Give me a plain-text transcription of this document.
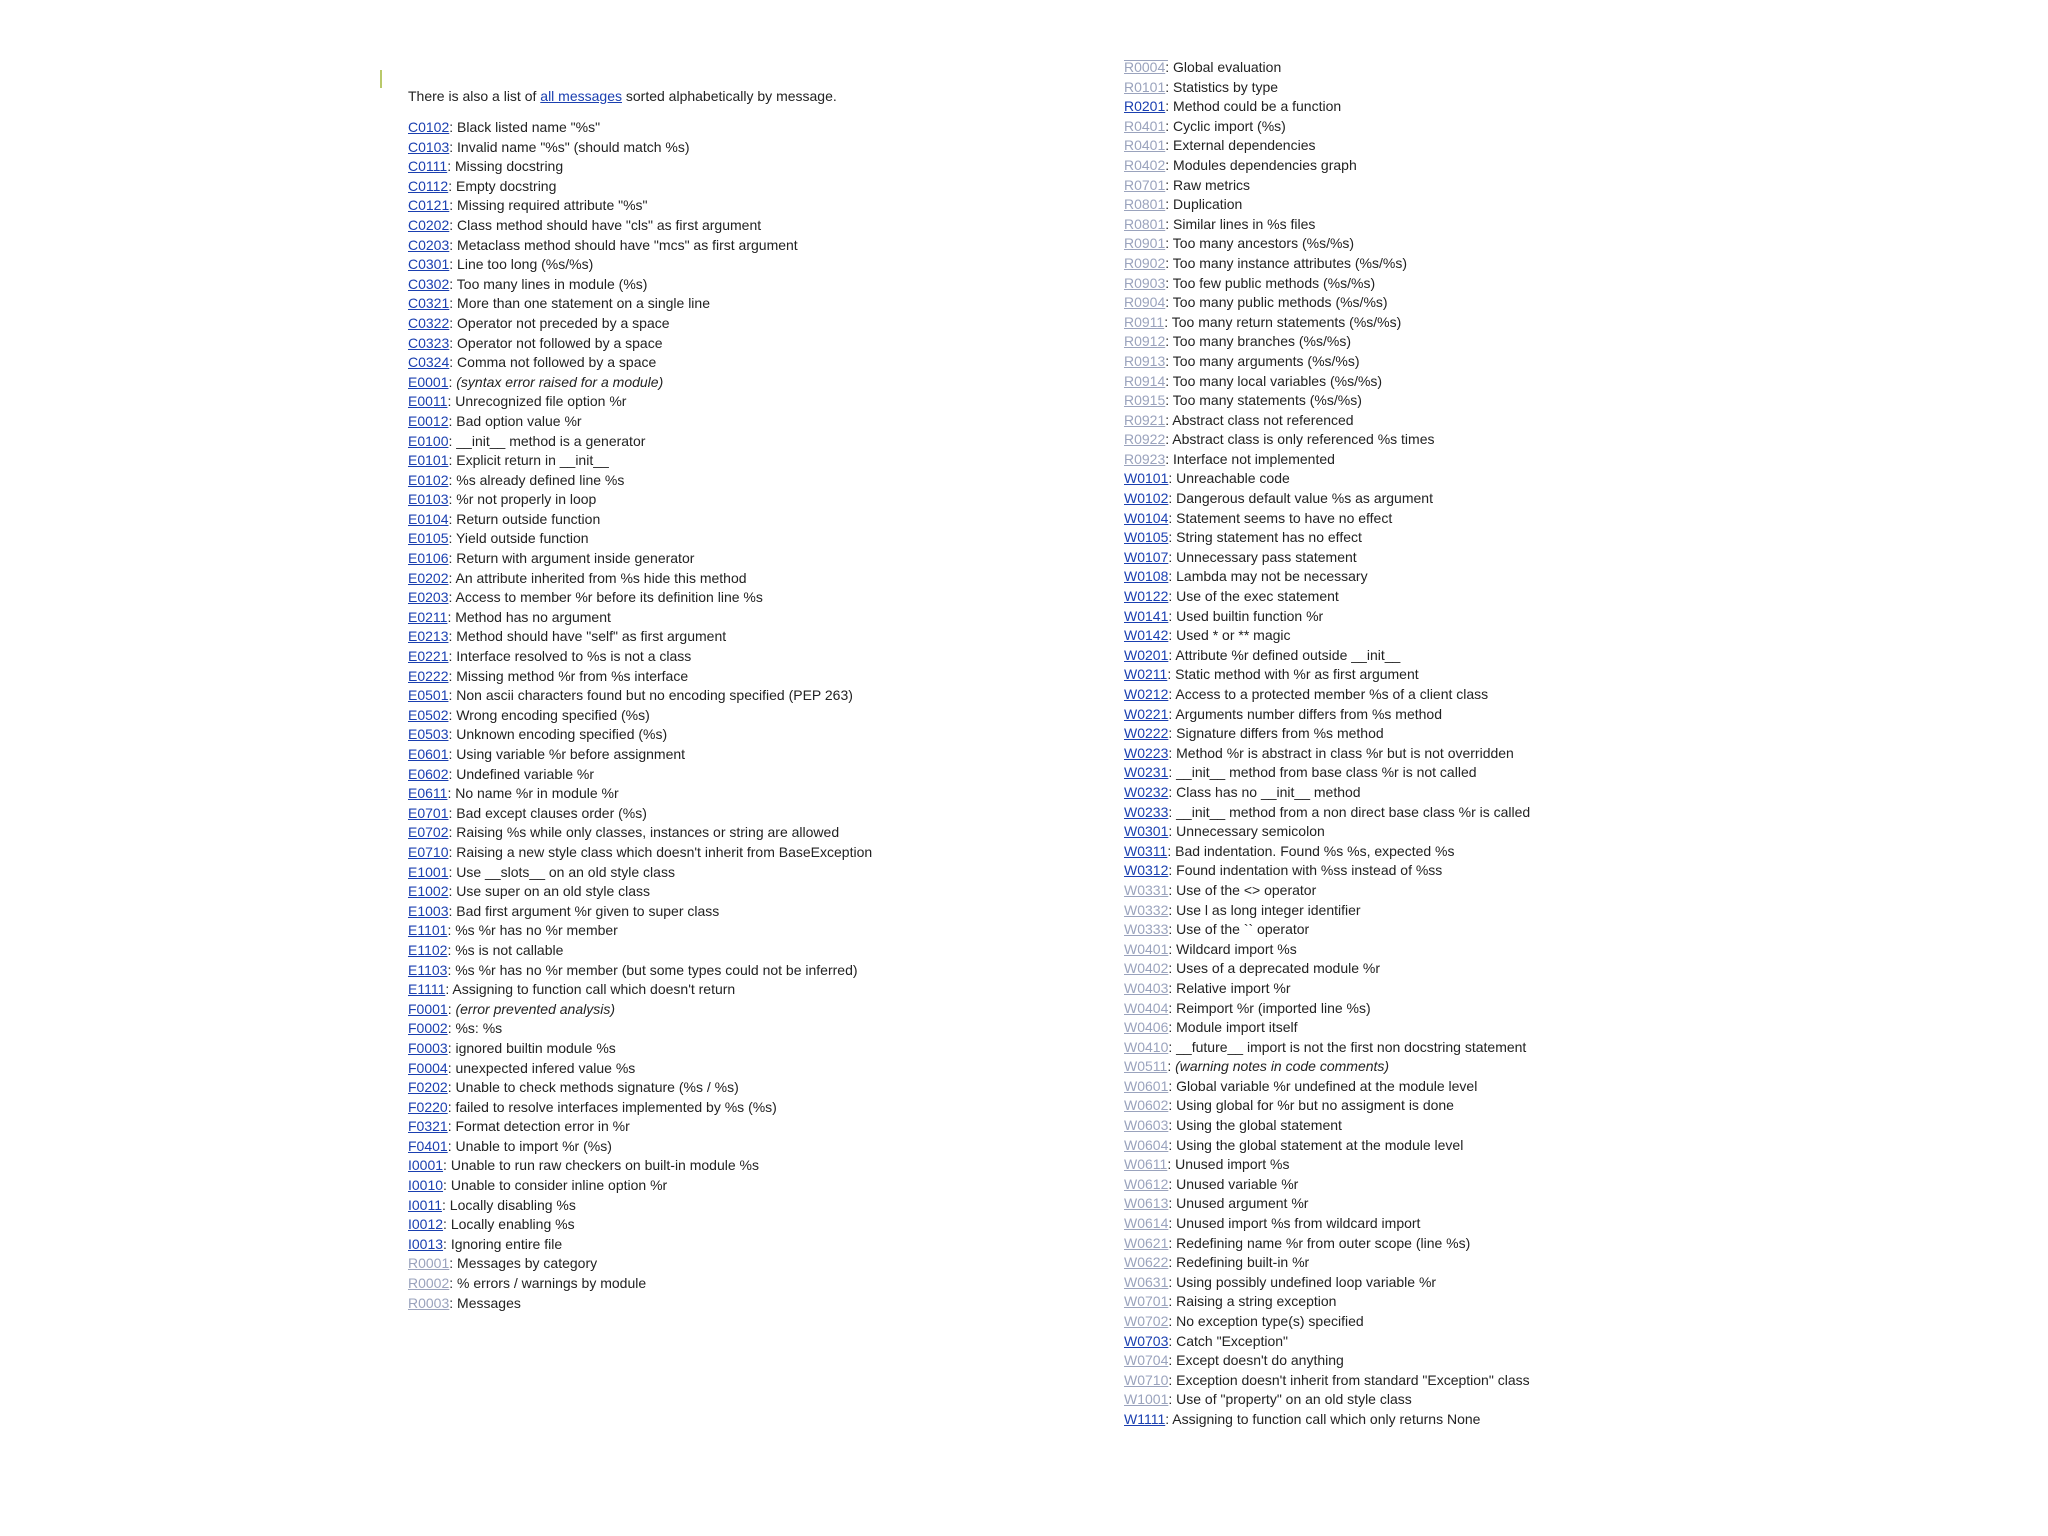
There is also a list of all messages sorted alphabetically by message.
C0102: Black listed name "%s"
C0103: Invalid name "%s" (should match %s)
C0111: Missing docstring
C0112: Empty docstring
C0121: Missing required attribute "%s"
C0202: Class method should have "cls" as first argument
C0203: Metaclass method should have "mcs" as first argument
C0301: Line too long (%s/%s)
C0302: Too many lines in module (%s)
C0321: More than one statement on a single line
C0322: Operator not preceded by a space
C0323: Operator not followed by a space
C0324: Comma not followed by a space
E0001: (syntax error raised for a module)
E0011: Unrecognized file option %r
E0012: Bad option value %r
E0100: __init__ method is a generator
E0101: Explicit return in __init__
E0102: %s already defined line %s
E0103: %r not properly in loop
E0104: Return outside function
E0105: Yield outside function
E0106: Return with argument inside generator
E0202: An attribute inherited from %s hide this method
E0203: Access to member %r before its definition line %s
E0211: Method has no argument
E0213: Method should have "self" as first argument
E0221: Interface resolved to %s is not a class
E0222: Missing method %r from %s interface
E0501: Non ascii characters found but no encoding specified (PEP 263)
E0502: Wrong encoding specified (%s)
E0503: Unknown encoding specified (%s)
E0601: Using variable %r before assignment
E0602: Undefined variable %r
E0611: No name %r in module %r
E0701: Bad except clauses order (%s)
E0702: Raising %s while only classes, instances or string are allowed
E0710: Raising a new style class which doesn't inherit from BaseException
E1001: Use __slots__ on an old style class
E1002: Use super on an old style class
E1003: Bad first argument %r given to super class
E1101: %s %r has no %r member
E1102: %s is not callable
E1103: %s %r has no %r member (but some types could not be inferred)
E1111: Assigning to function call which doesn't return
F0001: (error prevented analysis)
F0002: %s: %s
F0003: ignored builtin module %s
F0004: unexpected infered value %s
F0202: Unable to check methods signature (%s / %s)
F0220: failed to resolve interfaces implemented by %s (%s)
F0321: Format detection error in %r
F0401: Unable to import %r (%s)
I0001: Unable to run raw checkers on built-in module %s
I0010: Unable to consider inline option %r
I0011: Locally disabling %s
I0012: Locally enabling %s
I0013: Ignoring entire file
R0001: Messages by category
R0002: % errors / warnings by module
R0003: Messages
R0004: Global evaluation
R0101: Statistics by type
R0201: Method could be a function
R0401: Cyclic import (%s)
R0401: External dependencies
R0402: Modules dependencies graph
R0701: Raw metrics
R0801: Duplication
R0801: Similar lines in %s files
R0901: Too many ancestors (%s/%s)
R0902: Too many instance attributes (%s/%s)
R0903: Too few public methods (%s/%s)
R0904: Too many public methods (%s/%s)
R0911: Too many return statements (%s/%s)
R0912: Too many branches (%s/%s)
R0913: Too many arguments (%s/%s)
R0914: Too many local variables (%s/%s)
R0915: Too many statements (%s/%s)
R0921: Abstract class not referenced
R0922: Abstract class is only referenced %s times
R0923: Interface not implemented
W0101: Unreachable code
W0102: Dangerous default value %s as argument
W0104: Statement seems to have no effect
W0105: String statement has no effect
W0107: Unnecessary pass statement
W0108: Lambda may not be necessary
W0122: Use of the exec statement
W0141: Used builtin function %r
W0142: Used * or ** magic
W0201: Attribute %r defined outside __init__
W0211: Static method with %r as first argument
W0212: Access to a protected member %s of a client class
W0221: Arguments number differs from %s method
W0222: Signature differs from %s method
W0223: Method %r is abstract in class %r but is not overridden
W0231: __init__ method from base class %r is not called
W0232: Class has no __init__ method
W0233: __init__ method from a non direct base class %r is called
W0301: Unnecessary semicolon
W0311: Bad indentation. Found %s %s, expected %s
W0312: Found indentation with %ss instead of %ss
W0331: Use of the <> operator
W0332: Use l as long integer identifier
W0333: Use of the `` operator
W0401: Wildcard import %s
W0402: Uses of a deprecated module %r
W0403: Relative import %r
W0404: Reimport %r (imported line %s)
W0406: Module import itself
W0410: __future__ import is not the first non docstring statement
W0511: (warning notes in code comments)
W0601: Global variable %r undefined at the module level
W0602: Using global for %r but no assigment is done
W0603: Using the global statement
W0604: Using the global statement at the module level
W0611: Unused import %s
W0612: Unused variable %r
W0613: Unused argument %r
W0614: Unused import %s from wildcard import
W0621: Redefining name %r from outer scope (line %s)
W0622: Redefining built-in %r
W0631: Using possibly undefined loop variable %r
W0701: Raising a string exception
W0702: No exception type(s) specified
W0703: Catch "Exception"
W0704: Except doesn't do anything
W0710: Exception doesn't inherit from standard "Exception" class
W1001: Use of "property" on an old style class
W1111: Assigning to function call which only returns None
